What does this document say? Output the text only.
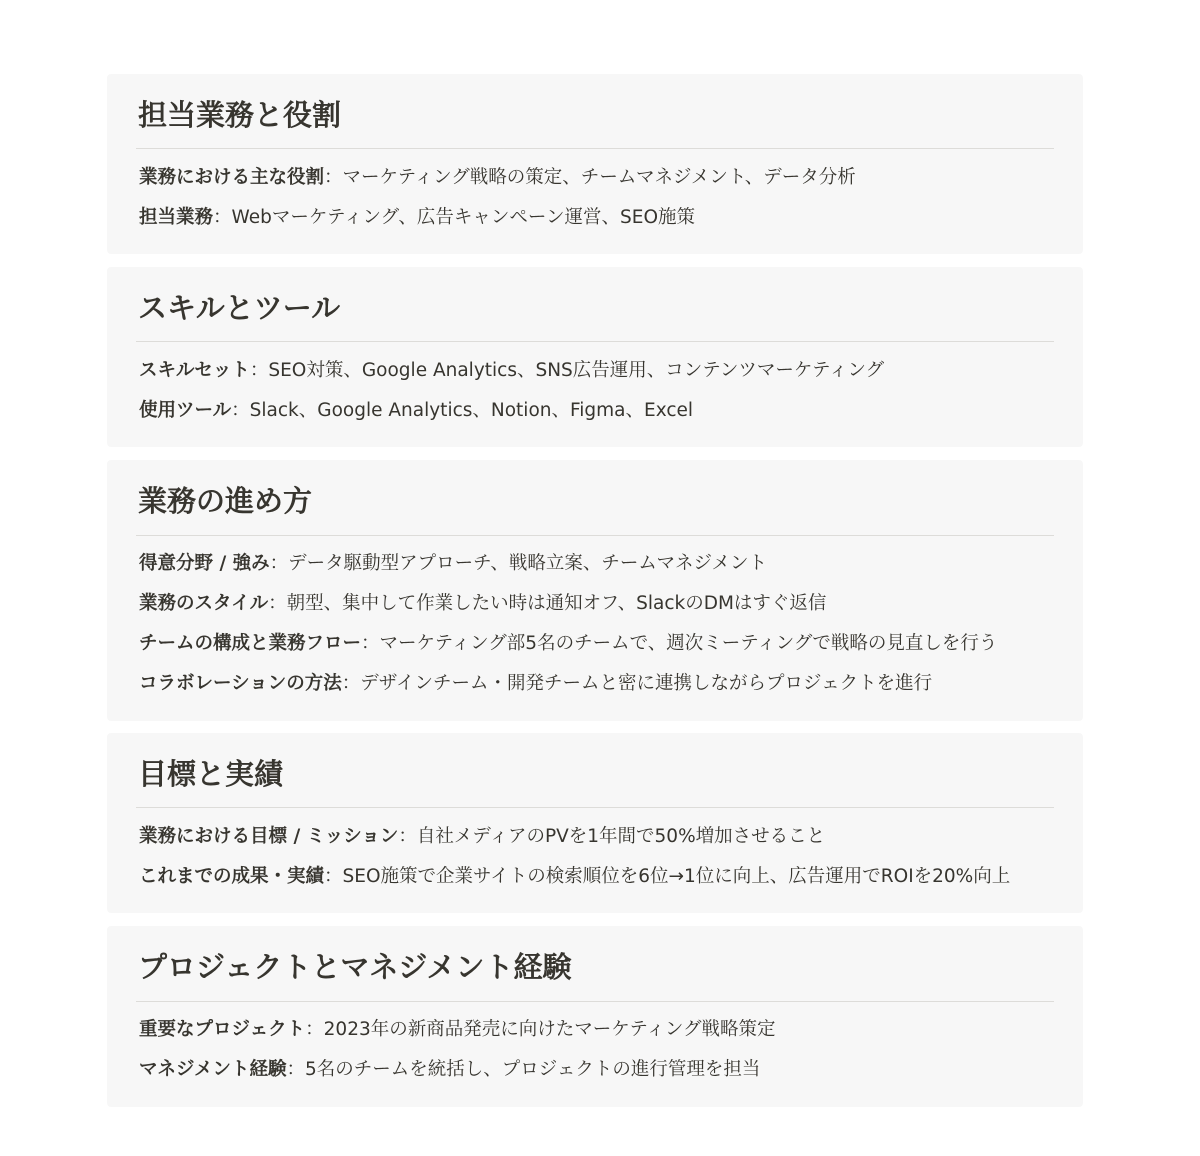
担当業務と役割
業務における主な役割：マーケティング戦略の策定、チームマネジメント、データ分析
担当業務：Webマーケティング、広告キャンペーン運営、SEO施策
スキルとツール
スキルセット：SEO対策、Google Analytics、SNS広告運用、コンテンツマーケティング
使用ツール：Slack、Google Analytics、Notion、Figma、Excel
業務の進め方
得意分野 / 強み：データ駆動型アプローチ、戦略立案、チームマネジメント
業務のスタイル：朝型、集中して作業したい時は通知オフ、SlackのDMはすぐ返信
チームの構成と業務フロー：マーケティング部5名のチームで、週次ミーティングで戦略の見直しを行う
コラボレーションの方法：デザインチーム・開発チームと密に連携しながらプロジェクトを進行
目標と実績
業務における目標 / ミッション：自社メディアのPVを1年間で50%増加させること
これまでの成果・実績：SEO施策で企業サイトの検索順位を6位→1位に向上、広告運用でROIを20%向上
プロジェクトとマネジメント経験
重要なプロジェクト：2023年の新商品発売に向けたマーケティング戦略策定
マネジメント経験：5名のチームを統括し、プロジェクトの進行管理を担当
